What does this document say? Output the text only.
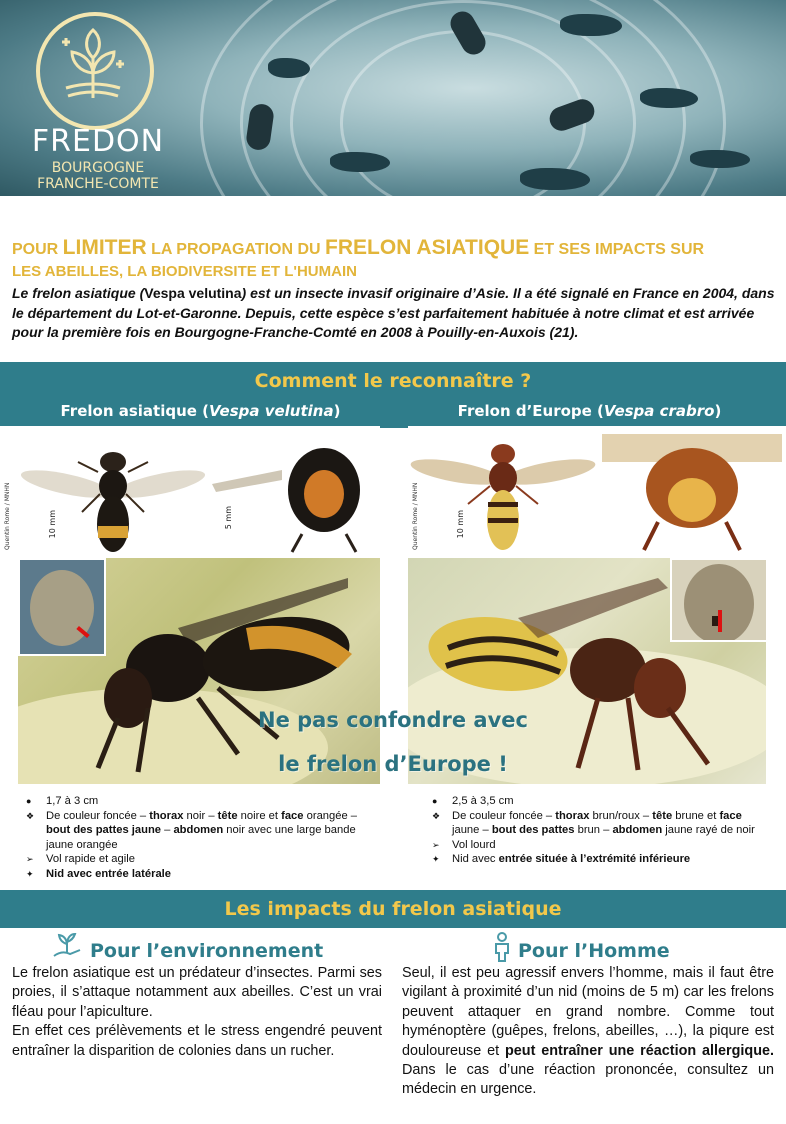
FREDON
BOURGOGNE
FRANCHE-COMTE
POUR LIMITER LA PROPAGATION DU FRELON ASIATIQUE ET SES IMPACTS SUR
LES ABEILLES, LA BIODIVERSITE ET L'HUMAIN
Le frelon asiatique (Vespa velutina) est un insecte invasif originaire d’Asie. Il a été signalé en France en 2004, dans le département du Lot-et-Garonne. Depuis, cette espèce s’est parfaitement habituée à notre climat et est arrivée pour la première fois en Bourgogne-Franche-Comté en 2008 à Pouilly-en-Auxois (21).
Comment le reconnaître ?
Frelon asiatique (Vespa velutina)	Frelon d’Europe (Vespa crabro)
Quentin Rome / MNHN	10 mm	5 mm	Quentin Rome / MNHN	10 mm
Ne pas confondre avec
le frelon d’Europe !
● 1,7 à 3 cm
❖ De couleur foncée – thorax noir – tête noire et face orangée – bout des pattes jaune – abdomen noir avec une large bande jaune orangée
➢ Vol rapide et agile
✦ Nid avec entrée latérale
● 2,5 à 3,5 cm
❖ De couleur foncée – thorax brun/roux – tête brune et face jaune – bout des pattes brun – abdomen jaune rayé de noir
➢ Vol lourd
✦ Nid avec entrée située à l’extrémité inférieure
Les impacts du frelon asiatique
Pour l’environnement
Le frelon asiatique est un prédateur d’insectes. Parmi ses proies, il s’attaque notamment aux abeilles. C’est un vrai fléau pour l’apiculture.
En effet ces prélèvements et le stress engendré peuvent entraîner la disparition de colonies dans un rucher.
Pour l’Homme
Seul, il est peu agressif envers l’homme, mais il faut être vigilant à proximité d’un nid (moins de 5 m) car les frelons peuvent attaquer en grand nombre. Comme tout hyménoptère (guêpes, frelons, abeilles, …), la piqure est douloureuse et peut entraîner une réaction allergique. Dans le cas d’une réaction prononcée, consultez un médecin en urgence.
